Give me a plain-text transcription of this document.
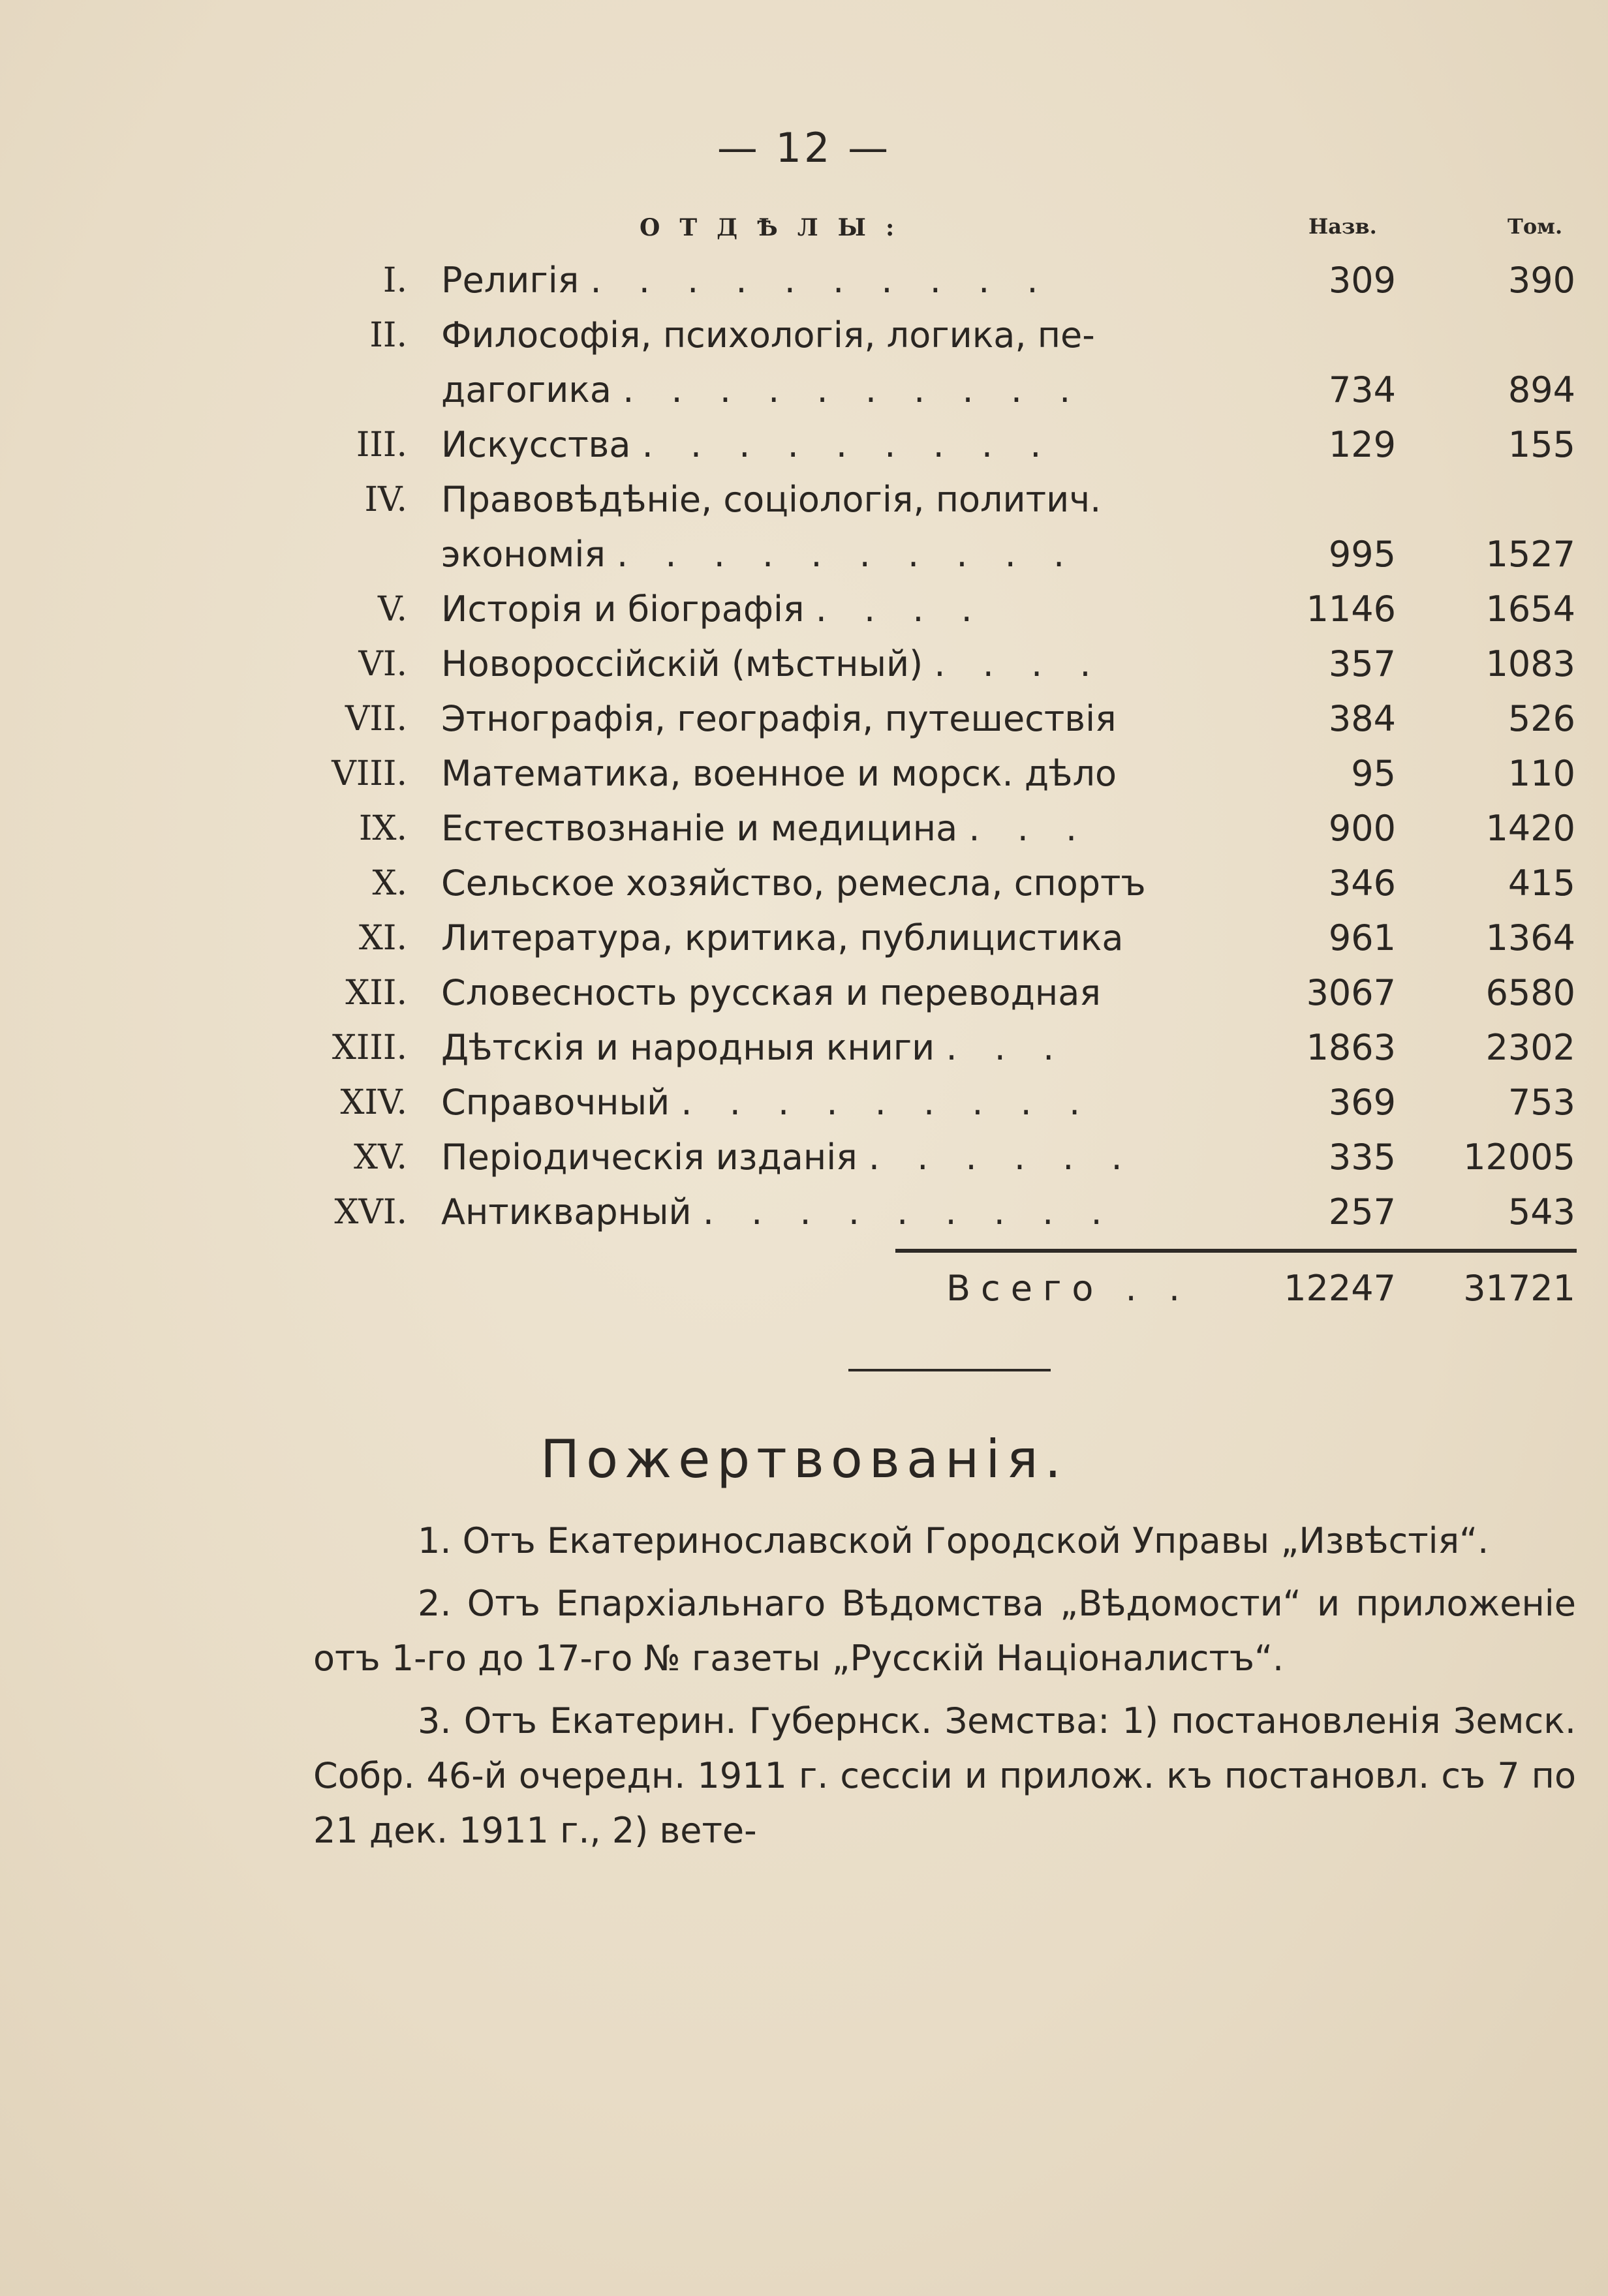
— 12 —
ОТДѢЛЫ:	Назв.	Том.
I. Религія . . . . . . . . . .	309	390
II. Философія, психологія, логика, пе-
дагогика . . . . . . . . . .	734	894
III. Искусства . . . . . . . . .	129	155
IV. Правовѣдѣніе, соціологія, политич.
экономія . . . . . . . . . .	995	1527
V. Исторія и біографія . . . .	1146	1654
VI. Новороссійскій (мѣстный) . . . .	357	1083
VII. Этнографія, географія, путешествія	384	526
VIII. Математика, военное и морск. дѣло	95	110
IX. Естествознаніе и медицина . . .	900	1420
X. Сельское хозяйство, ремесла, спортъ	346	415
XI. Литература, критика, публицистика	961	1364
XII. Словесность русская и переводная	3067	6580
XIII. Дѣтскія и народныя книги . . .	1863	2302
XIV. Справочный . . . . . . . . .	369	753
XV. Періодическія изданія . . . . . .	335 12005
XVI. Антикварный . . . . . . . . .	257	543
Всего . .	12247 31721
Пожертвованія.

1. Отъ Екатеринославской Городской Управы „Извѣстія“.

2. Отъ Епархіальнаго Вѣдомства „Вѣдомости“ и приложеніе отъ 1-го до 17-го № газеты „Русскій Націоналистъ“.

3. Отъ Екатерин. Губернск. Земства: 1) постановленія Земск. Собр. 46-й очередн. 1911 г. сессіи и прилож. къ постановл. съ 7 по 21 дек. 1911 г., 2) вете-
